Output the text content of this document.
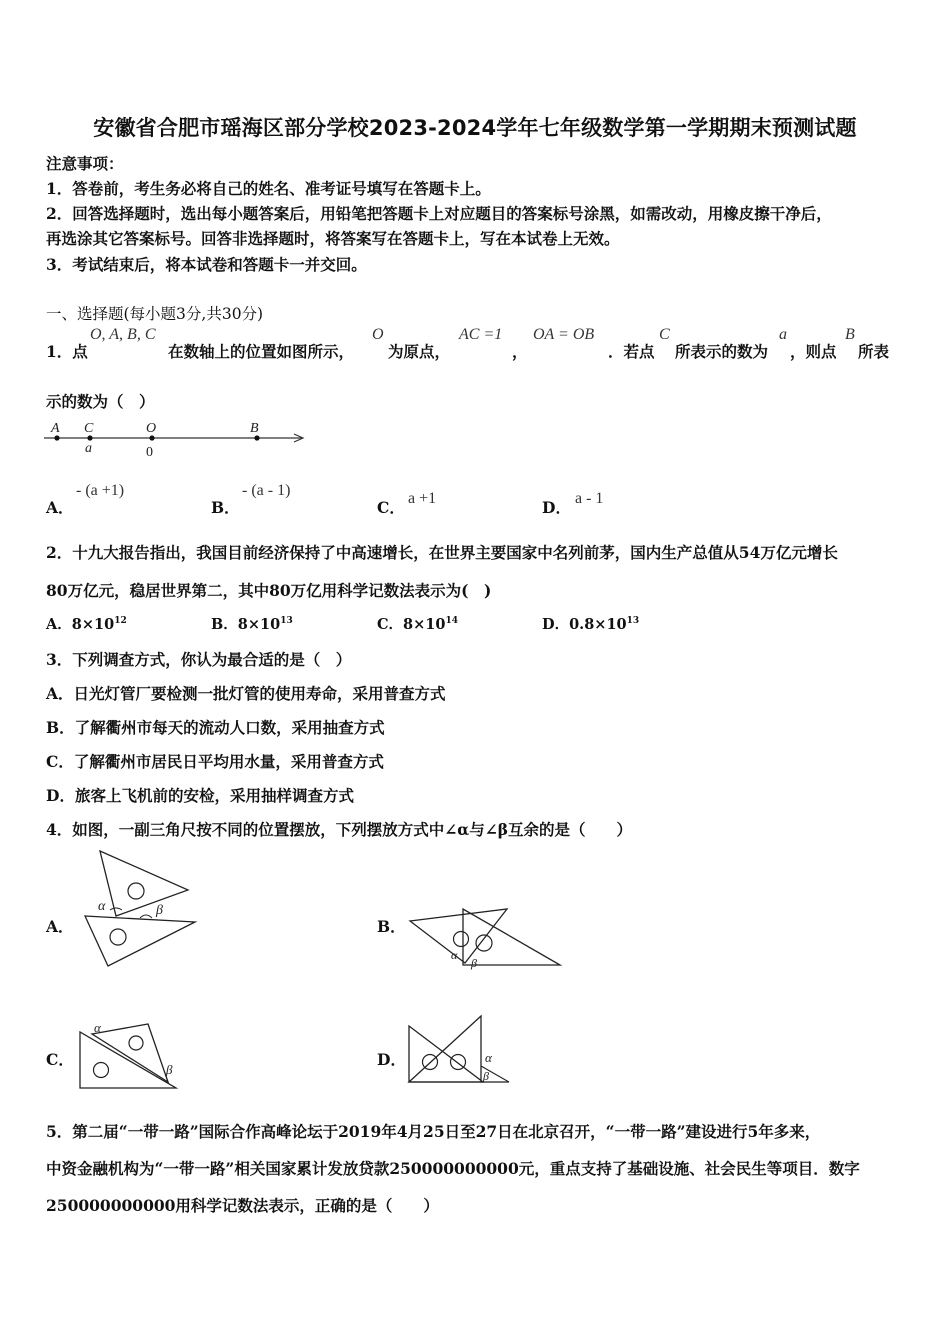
安徽省合肥市瑶海区部分学校2023-2024学年七年级数学第一学期期末预测试题
注意事项：
1．答卷前，考生务必将自己的姓名、准考证号填写在答题卡上。
2．回答选择题时，选出每小题答案后，用铅笔把答题卡上对应题目的答案标号涂黑，如需改动，用橡皮擦干净后，
再选涂其它答案标号。回答非选择题时，将答案写在答题卡上，写在本试卷上无效。
3．考试结束后，将本试卷和答题卡一并交回。
一、选择题(每小题3分,共30分)
1．点
O, A, B, C
在数轴上的位置如图所示，
O
为原点，
AC =1
，
OA = OB
．若点
C
所表示的数为
a
，则点
B
所表
示的数为（　）
A C	O	B
a	0
A．
- (a +1)
B．
- (a - 1)
C． a +1	D． a - 1
2．十九大报告指出，我国目前经济保持了中高速增长，在世界主要国家中名列前茅，国内生产总值从54万亿元增长
80万亿元，稳居世界第二，其中80万亿用科学记数法表示为(　)
A．$8\times 10^{12}$	B．$8\times 10^{13}$	C．$8\times 10^{14}$	D．$0.8\times 10^{13}$
3．下列调查方式，你认为最合适的是（　）
A．日光灯管厂要检测一批灯管的使用寿命，采用普查方式
B．了解衢州市每天的流动人口数，采用抽查方式
C．了解衢州市居民日平均用水量，采用普查方式
D．旅客上飞机前的安检，采用抽样调查方式
4．如图，一副三角尺按不同的位置摆放，下列摆放方式中∠α与∠β互余的是（　　）
A．
α	β
B．
α
β
C．
α
β
D．	α
β
5．第二届“一带一路”国际合作高峰论坛于2019年4月25日至27日在北京召开，“一带一路”建设进行5年多来，
中资金融机构为“一带一路”相关国家累计发放贷款250000000000元，重点支持了基础设施、社会民生等项目．数字
250000000000用科学记数法表示，正确的是（　　）
